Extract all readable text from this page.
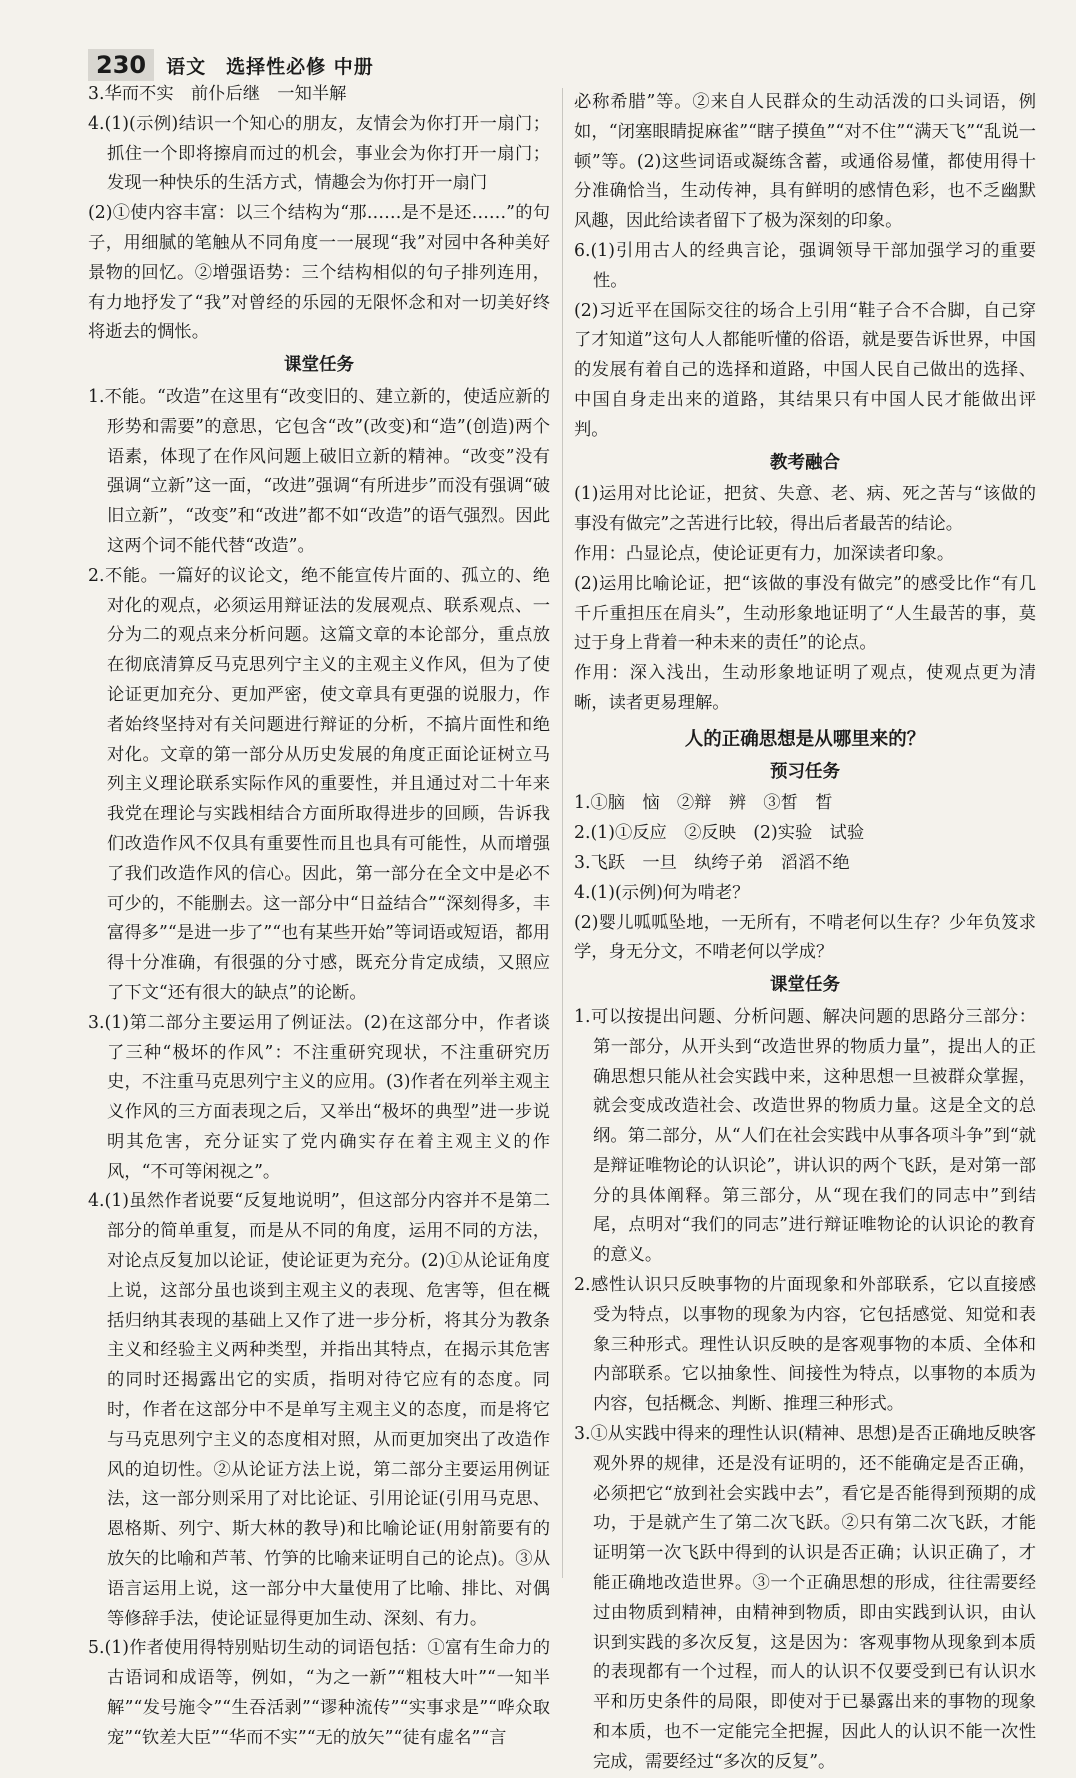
230	语文　选择性必修 中册

3.华而不实　前仆后继　一知半解

4.(1)(示例)结识一个知心的朋友，友情会为你打开一扇门；抓住一个即将擦肩而过的机会，事业会为你打开一扇门；发现一种快乐的生活方式，情趣会为你打开一扇门

(2)①使内容丰富：以三个结构为“那……是不是还……”的句子，用细腻的笔触从不同角度一一展现“我”对园中各种美好景物的回忆。②增强语势：三个结构相似的句子排列连用，有力地抒发了“我”对曾经的乐园的无限怀念和对一切美好终将逝去的惆怅。

课堂任务

1.不能。“改造”在这里有“改变旧的、建立新的，使适应新的形势和需要”的意思，它包含“改”(改变)和“造”(创造)两个语素，体现了在作风问题上破旧立新的精神。“改变”没有强调“立新”这一面，“改进”强调“有所进步”而没有强调“破旧立新”，“改变”和“改进”都不如“改造”的语气强烈。因此这两个词不能代替“改造”。

2.不能。一篇好的议论文，绝不能宣传片面的、孤立的、绝对化的观点，必须运用辩证法的发展观点、联系观点、一分为二的观点来分析问题。这篇文章的本论部分，重点放在彻底清算反马克思列宁主义的主观主义作风，但为了使论证更加充分、更加严密，使文章具有更强的说服力，作者始终坚持对有关问题进行辩证的分析，不搞片面性和绝对化。文章的第一部分从历史发展的角度正面论证树立马列主义理论联系实际作风的重要性，并且通过对二十年来我党在理论与实践相结合方面所取得进步的回顾，告诉我们改造作风不仅具有重要性而且也具有可能性，从而增强了我们改造作风的信心。因此，第一部分在全文中是必不可少的，不能删去。这一部分中“日益结合”“深刻得多，丰富得多”“是进一步了”“也有某些开始”等词语或短语，都用得十分准确，有很强的分寸感，既充分肯定成绩，又照应了下文“还有很大的缺点”的论断。

3.(1)第二部分主要运用了例证法。(2)在这部分中，作者谈了三种“极坏的作风”：不注重研究现状，不注重研究历史，不注重马克思列宁主义的应用。(3)作者在列举主观主义作风的三方面表现之后，又举出“极坏的典型”进一步说明其危害，充分证实了党内确实存在着主观主义的作风，“不可等闲视之”。

4.(1)虽然作者说要“反复地说明”，但这部分内容并不是第二部分的简单重复，而是从不同的角度，运用不同的方法，对论点反复加以论证，使论证更为充分。(2)①从论证角度上说，这部分虽也谈到主观主义的表现、危害等，但在概括归纳其表现的基础上又作了进一步分析，将其分为教条主义和经验主义两种类型，并指出其特点，在揭示其危害的同时还揭露出它的实质，指明对待它应有的态度。同时，作者在这部分中不是单写主观主义的态度，而是将它与马克思列宁主义的态度相对照，从而更加突出了改造作风的迫切性。②从论证方法上说，第二部分主要运用例证法，这一部分则采用了对比论证、引用论证(引用马克思、恩格斯、列宁、斯大林的教导)和比喻论证(用射箭要有的放矢的比喻和芦苇、竹笋的比喻来证明自己的论点)。③从语言运用上说，这一部分中大量使用了比喻、排比、对偶等修辞手法，使论证显得更加生动、深刻、有力。

5.(1)作者使用得特别贴切生动的词语包括：①富有生命力的古语词和成语等，例如，“为之一新”“粗枝大叶”“一知半解”“发号施令”“生吞活剥”“谬种流传”“实事求是”“哗众取宠”“钦差大臣”“华而不实”“无的放矢”“徒有虚名”“言

必称希腊”等。②来自人民群众的生动活泼的口头词语，例如，“闭塞眼睛捉麻雀”“瞎子摸鱼”“对不住”“满天飞”“乱说一顿”等。(2)这些词语或凝练含蓄，或通俗易懂，都使用得十分准确恰当，生动传神，具有鲜明的感情色彩，也不乏幽默风趣，因此给读者留下了极为深刻的印象。

6.(1)引用古人的经典言论，强调领导干部加强学习的重要性。

(2)习近平在国际交往的场合上引用“鞋子合不合脚，自己穿了才知道”这句人人都能听懂的俗语，就是要告诉世界，中国的发展有着自己的选择和道路，中国人民自己做出的选择、中国自身走出来的道路，其结果只有中国人民才能做出评判。

教考融合

(1)运用对比论证，把贫、失意、老、病、死之苦与“该做的事没有做完”之苦进行比较，得出后者最苦的结论。

作用：凸显论点，使论证更有力，加深读者印象。

(2)运用比喻论证，把“该做的事没有做完”的感受比作“有几千斤重担压在肩头”，生动形象地证明了“人生最苦的事，莫过于身上背着一种未来的责任”的论点。

作用：深入浅出，生动形象地证明了观点，使观点更为清晰，读者更易理解。

人的正确思想是从哪里来的？

预习任务

1.①脑　恼　②辩　辨　③皙　晳

2.(1)①反应　②反映　(2)实验　试验

3.飞跃　一旦　纨绔子弟　滔滔不绝

4.(1)(示例)何为啃老？

(2)婴儿呱呱坠地，一无所有，不啃老何以生存？少年负笈求学，身无分文，不啃老何以学成？

课堂任务

1.可以按提出问题、分析问题、解决问题的思路分三部分：第一部分，从开头到“改造世界的物质力量”，提出人的正确思想只能从社会实践中来，这种思想一旦被群众掌握，就会变成改造社会、改造世界的物质力量。这是全文的总纲。第二部分，从“人们在社会实践中从事各项斗争”到“就是辩证唯物论的认识论”，讲认识的两个飞跃，是对第一部分的具体阐释。第三部分，从“现在我们的同志中”到结尾，点明对“我们的同志”进行辩证唯物论的认识论的教育的意义。

2.感性认识只反映事物的片面现象和外部联系，它以直接感受为特点，以事物的现象为内容，它包括感觉、知觉和表象三种形式。理性认识反映的是客观事物的本质、全体和内部联系。它以抽象性、间接性为特点，以事物的本质为内容，包括概念、判断、推理三种形式。

3.①从实践中得来的理性认识(精神、思想)是否正确地反映客观外界的规律，还是没有证明的，还不能确定是否正确，必须把它“放到社会实践中去”，看它是否能得到预期的成功，于是就产生了第二次飞跃。②只有第二次飞跃，才能证明第一次飞跃中得到的认识是否正确；认识正确了，才能正确地改造世界。③一个正确思想的形成，往往需要经过由物质到精神，由精神到物质，即由实践到认识，由认识到实践的多次反复，这是因为：客观事物从现象到本质的表现都有一个过程，而人的认识不仅要受到已有认识水平和历史条件的局限，即使对于已暴露出来的事物的现象和本质，也不一定能完全把握，因此人的认识不能一次性完成，需要经过“多次的反复”。
